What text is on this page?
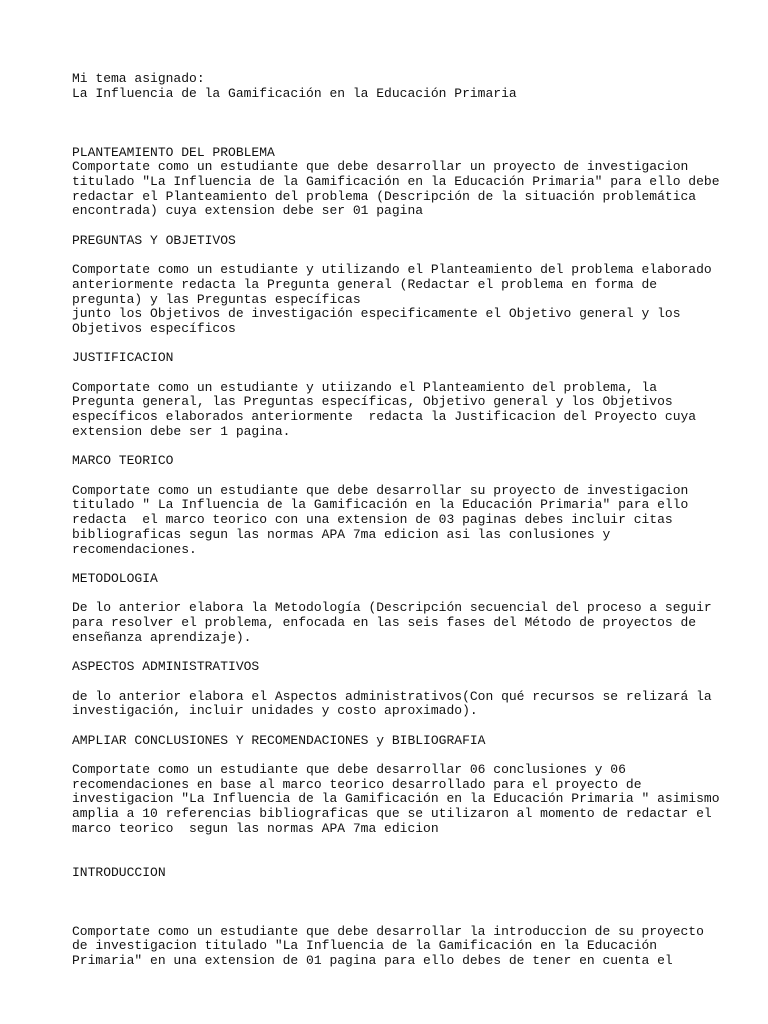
Mi tema asignado:
La Influencia de la Gamificación en la Educación Primaria

PLANTEAMIENTO DEL PROBLEMA
Comportate como un estudiante que debe desarrollar un proyecto de investigacion
titulado "La Influencia de la Gamificación en la Educación Primaria" para ello debe
redactar el Planteamiento del problema (Descripción de la situación problemática
encontrada) cuya extension debe ser 01 pagina

PREGUNTAS Y OBJETIVOS

Comportate como un estudiante y utilizando el Planteamiento del problema elaborado
anteriormente redacta la Pregunta general (Redactar el problema en forma de
pregunta) y las Preguntas específicas
junto los Objetivos de investigación especificamente el Objetivo general y los
Objetivos específicos

JUSTIFICACION

Comportate como un estudiante y utiizando el Planteamiento del problema, la
Pregunta general, las Preguntas específicas, Objetivo general y los Objetivos
específicos elaborados anteriormente  redacta la Justificacion del Proyecto cuya
extension debe ser 1 pagina.

MARCO TEORICO

Comportate como un estudiante que debe desarrollar su proyecto de investigacion
titulado " La Influencia de la Gamificación en la Educación Primaria" para ello
redacta  el marco teorico con una extension de 03 paginas debes incluir citas
bibliograficas segun las normas APA 7ma edicion asi las conlusiones y
recomendaciones.

METODOLOGIA

De lo anterior elabora la Metodología (Descripción secuencial del proceso a seguir
para resolver el problema, enfocada en las seis fases del Método de proyectos de
enseñanza aprendizaje).

ASPECTOS ADMINISTRATIVOS

de lo anterior elabora el Aspectos administrativos(Con qué recursos se relizará la
investigación, incluir unidades y costo aproximado).

AMPLIAR CONCLUSIONES Y RECOMENDACIONES y BIBLIOGRAFIA

Comportate como un estudiante que debe desarrollar 06 conclusiones y 06
recomendaciones en base al marco teorico desarrollado para el proyecto de
investigacion "La Influencia de la Gamificación en la Educación Primaria " asimismo
amplia a 10 referencias bibliograficas que se utilizaron al momento de redactar el
marco teorico  segun las normas APA 7ma edicion

INTRODUCCION

Comportate como un estudiante que debe desarrollar la introduccion de su proyecto
de investigacion titulado "La Influencia de la Gamificación en la Educación
Primaria" en una extension de 01 pagina para ello debes de tener en cuenta el
